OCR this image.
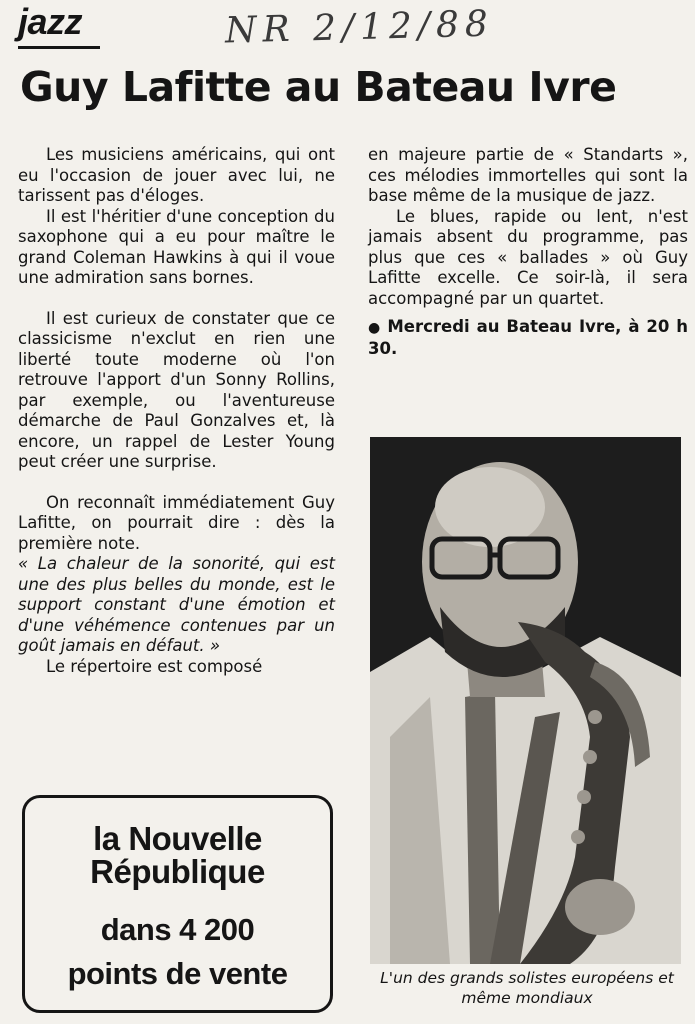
jazz	NR 2/12/88
Guy Lafitte au Bateau Ivre

Les musiciens américains, qui ont eu l'occasion de jouer avec lui, ne tarissent pas d'éloges.

Il est l'héritier d'une conception du saxophone qui a eu pour maître le grand Coleman Hawkins à qui il voue une admiration sans bornes.

Il est curieux de constater que ce classicisme n'exclut en rien une liberté toute moderne où l'on retrouve l'apport d'un Sonny Rollins, par exemple, ou l'aventureuse démarche de Paul Gonzalves et, là encore, un rappel de Lester Young peut créer une surprise.

On reconnaît immédiatement Guy Lafitte, on pourrait dire : dès la première note.

« La chaleur de la sonorité, qui est une des plus belles du monde, est le support constant d'une émotion et d'une véhémence contenues par un goût jamais en défaut. »

Le répertoire est composé

en majeure partie de « Standarts », ces mélodies immortelles qui sont la base même de la musique de jazz.

Le blues, rapide ou lent, n'est jamais absent du programme, pas plus que ces « ballades » où Guy Lafitte excelle. Ce soir-là, il sera accompagné par un quartet.

● Mercredi au Bateau Ivre, à 20 h 30.

la Nouvelle
République
dans 4 200
points de vente	L'un des grands solistes européens et même mondiaux
